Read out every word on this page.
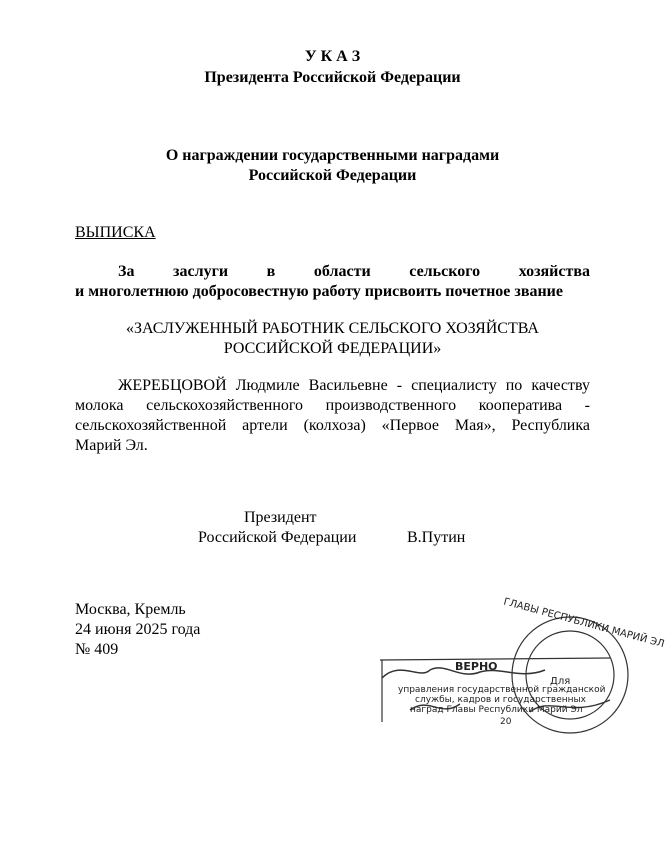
У К А З
Президента Российской Федерации
О награждении государственными наградами
Российской Федерации
ВЫПИСКА
За заслуги в области сельского хозяйства
и многолетнюю добросовестную работу присвоить почетное звание
«ЗАСЛУЖЕННЫЙ РАБОТНИК СЕЛЬСКОГО ХОЗЯЙСТВА
РОССИЙСКОЙ ФЕДЕРАЦИИ»
ЖЕРЕБЦОВОЙ Людмиле Васильевне - специалисту по качеству
молока сельскохозяйственного производственного кооператива -
сельскохозяйственной артели (колхоза) «Первое Мая», Республика
Марий Эл.
Президент
Российской Федерации	В.Путин
Москва, Кремль
24 июня 2025 года
№ 409	ГЛАВЫ РЕСПУБЛИКИ МАРИЙ ЭЛ
ВЕРНО
Для
управления государственной гражданской
службы, кадров и государственных
наград Главы Республики Марий Эл
20
